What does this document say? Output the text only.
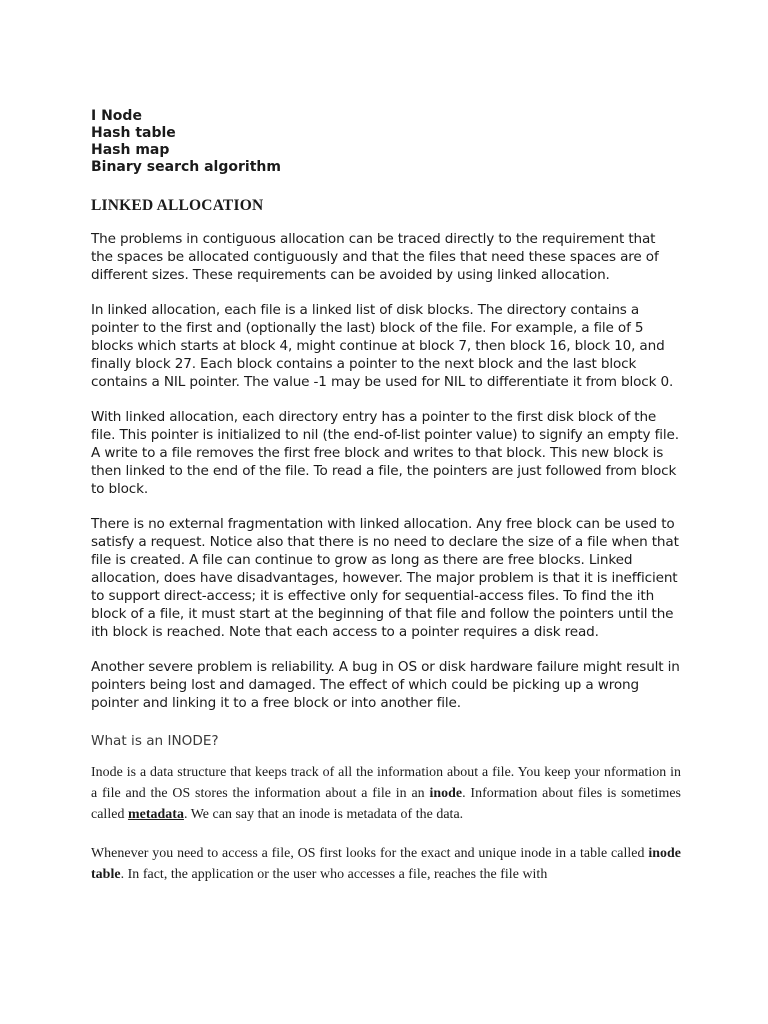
I Node
Hash table
Hash map
Binary search algorithm
LINKED ALLOCATION

The problems in contiguous allocation can be traced directly to the requirement that the spaces be allocated contiguously and that the files that need these spaces are of different sizes. These requirements can be avoided by using linked allocation.

In linked allocation, each file is a linked list of disk blocks. The directory contains a pointer to the first and (optionally the last) block of the file. For example, a file of 5 blocks which starts at block 4, might continue at block 7, then block 16, block 10, and finally block 27. Each block contains a pointer to the next block and the last block contains a NIL pointer. The value -1 may be used for NIL to differentiate it from block 0.

With linked allocation, each directory entry has a pointer to the first disk block of the file. This pointer is initialized to nil (the end-of-list pointer value) to signify an empty file. A write to a file removes the first free block and writes to that block. This new block is then linked to the end of the file. To read a file, the pointers are just followed from block to block.

There is no external fragmentation with linked allocation. Any free block can be used to satisfy a request. Notice also that there is no need to declare the size of a file when that file is created. A file can continue to grow as long as there are free blocks. Linked allocation, does have disadvantages, however. The major problem is that it is inefficient to support direct-access; it is effective only for sequential-access files. To find the ith block of a file, it must start at the beginning of that file and follow the pointers until the ith block is reached. Note that each access to a pointer requires a disk read.

Another severe problem is reliability. A bug in OS or disk hardware failure might result in pointers being lost and damaged. The effect of which could be picking up a wrong pointer and linking it to a free block or into another file.

What is an INODE?

Inode is a data structure that keeps track of all the information about a file. You keep your nformation in a file and the OS stores the information about a file in an inode. Information about files is sometimes called metadata. We can say that an inode is metadata of the data.

Whenever you need to access a file, OS first looks for the exact and unique inode in a table called inode table. In fact, the application or the user who accesses a file, reaches the file with
